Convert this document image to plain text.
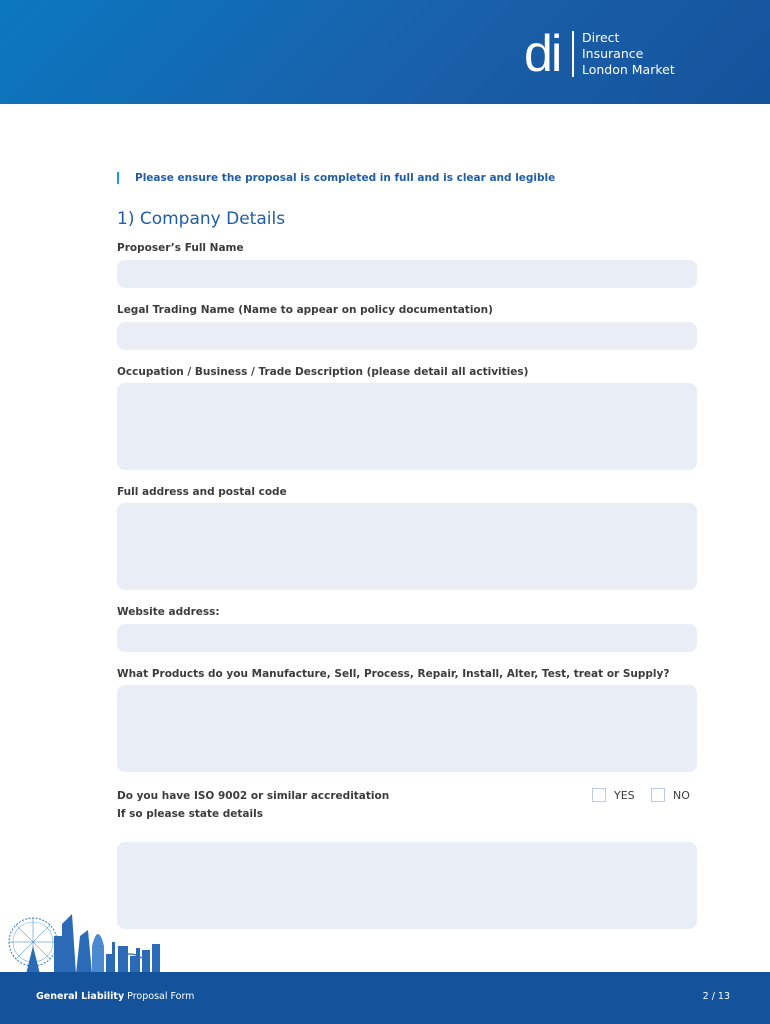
di Direct
Insurance
London Market
Please ensure the proposal is completed in full and is clear and legible
1) Company Details
Proposer’s Full Name
Legal Trading Name (Name to appear on policy documentation)
Occupation / Business / Trade Description (please detail all activities)
Full address and postal code
Website address:
What Products do you Manufacture, Sell, Process, Repair, Install, Alter, Test, treat or Supply?
Do you have ISO 9002 or similar accreditation
If so please state details
YES	NO
General Liability Proposal Form	2 / 13
